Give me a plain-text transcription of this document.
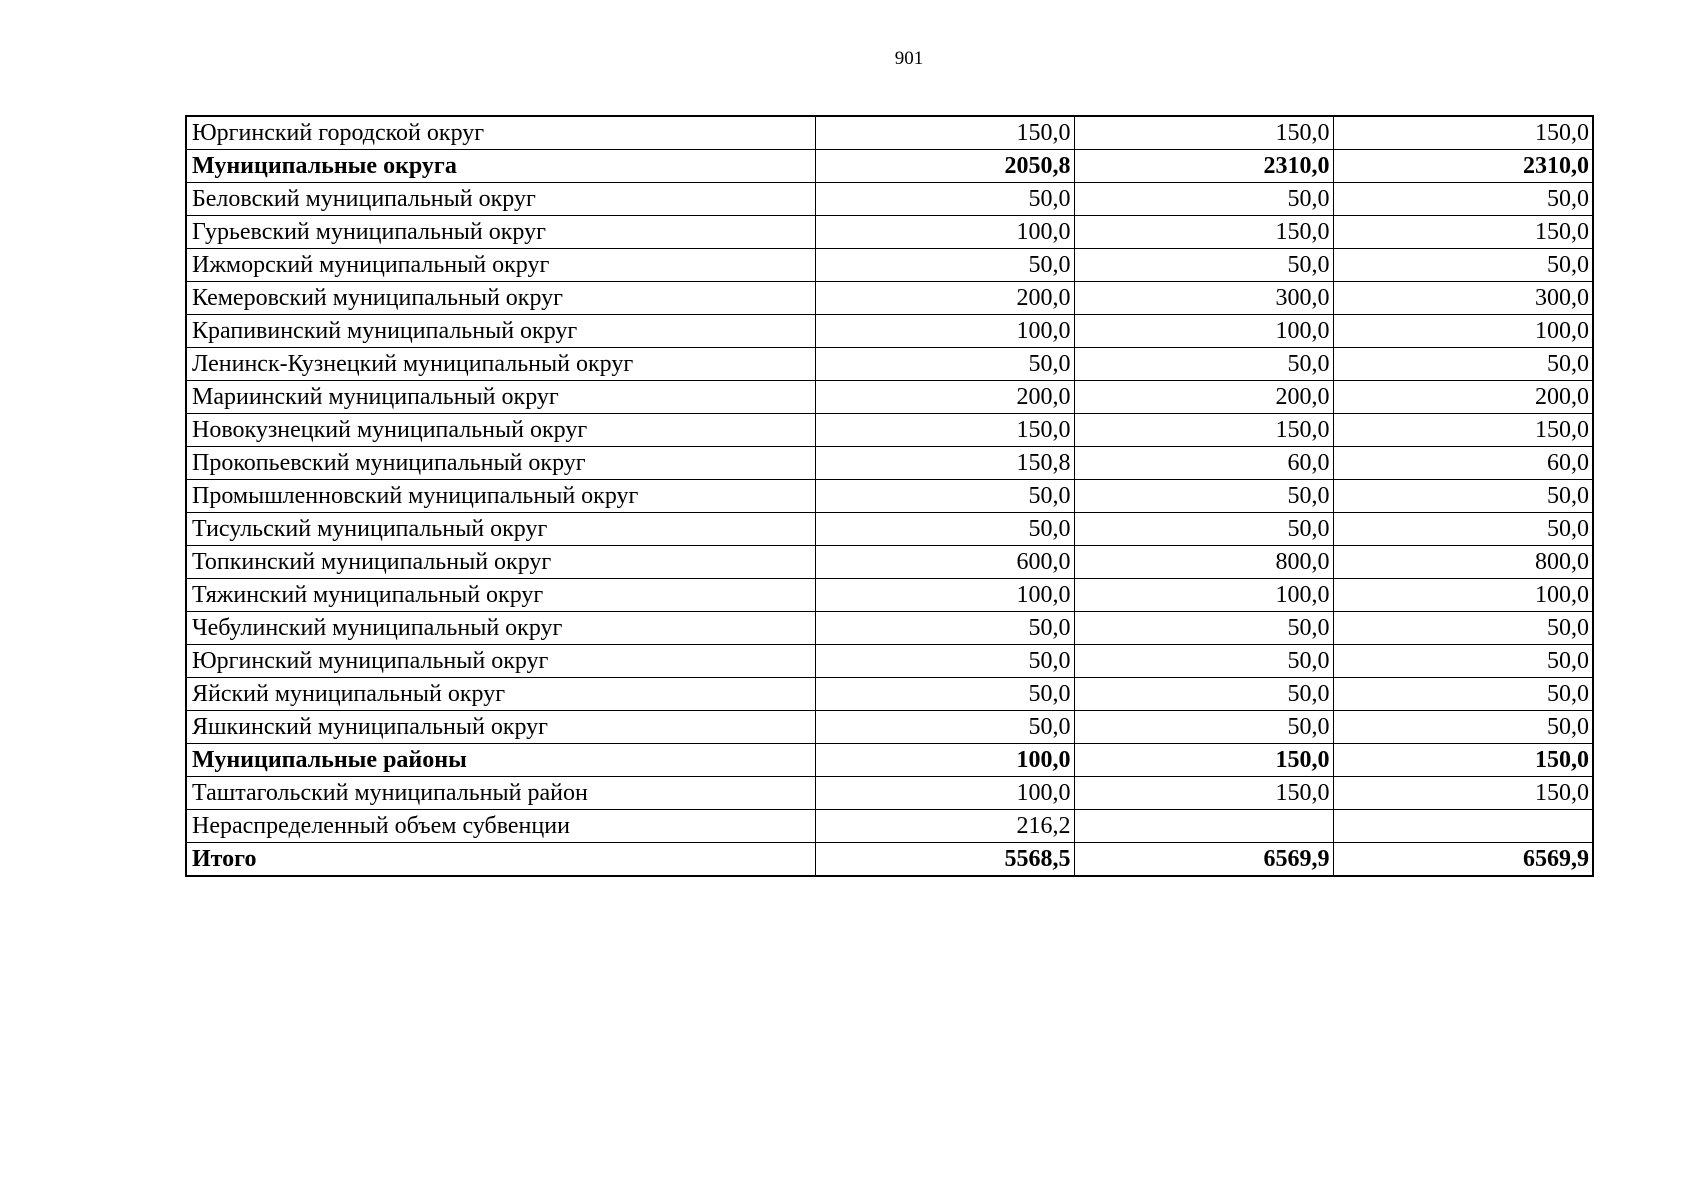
901
Юргинский городской округ	150,0	150,0	150,0
Муниципальные округа	2050,8	2310,0	2310,0
Беловский муниципальный округ	50,0	50,0	50,0
Гурьевский муниципальный округ	100,0	150,0	150,0
Ижморский муниципальный округ	50,0	50,0	50,0
Кемеровский муниципальный округ	200,0	300,0	300,0
Крапивинский муниципальный округ	100,0	100,0	100,0
Ленинск-Кузнецкий муниципальный округ	50,0	50,0	50,0
Мариинский муниципальный округ	200,0	200,0	200,0
Новокузнецкий муниципальный округ	150,0	150,0	150,0
Прокопьевский муниципальный округ	150,8	60,0	60,0
Промышленновский муниципальный округ	50,0	50,0	50,0
Тисульский муниципальный округ	50,0	50,0	50,0
Топкинский муниципальный округ	600,0	800,0	800,0
Тяжинский муниципальный округ	100,0	100,0	100,0
Чебулинский муниципальный округ	50,0	50,0	50,0
Юргинский муниципальный округ	50,0	50,0	50,0
Яйский муниципальный округ	50,0	50,0	50,0
Яшкинский муниципальный округ	50,0	50,0	50,0
Муниципальные районы	100,0	150,0	150,0
Таштагольский муниципальный район	100,0	150,0	150,0
Нераспределенный объем субвенции	216,2		
Итого	5568,5	6569,9	6569,9
